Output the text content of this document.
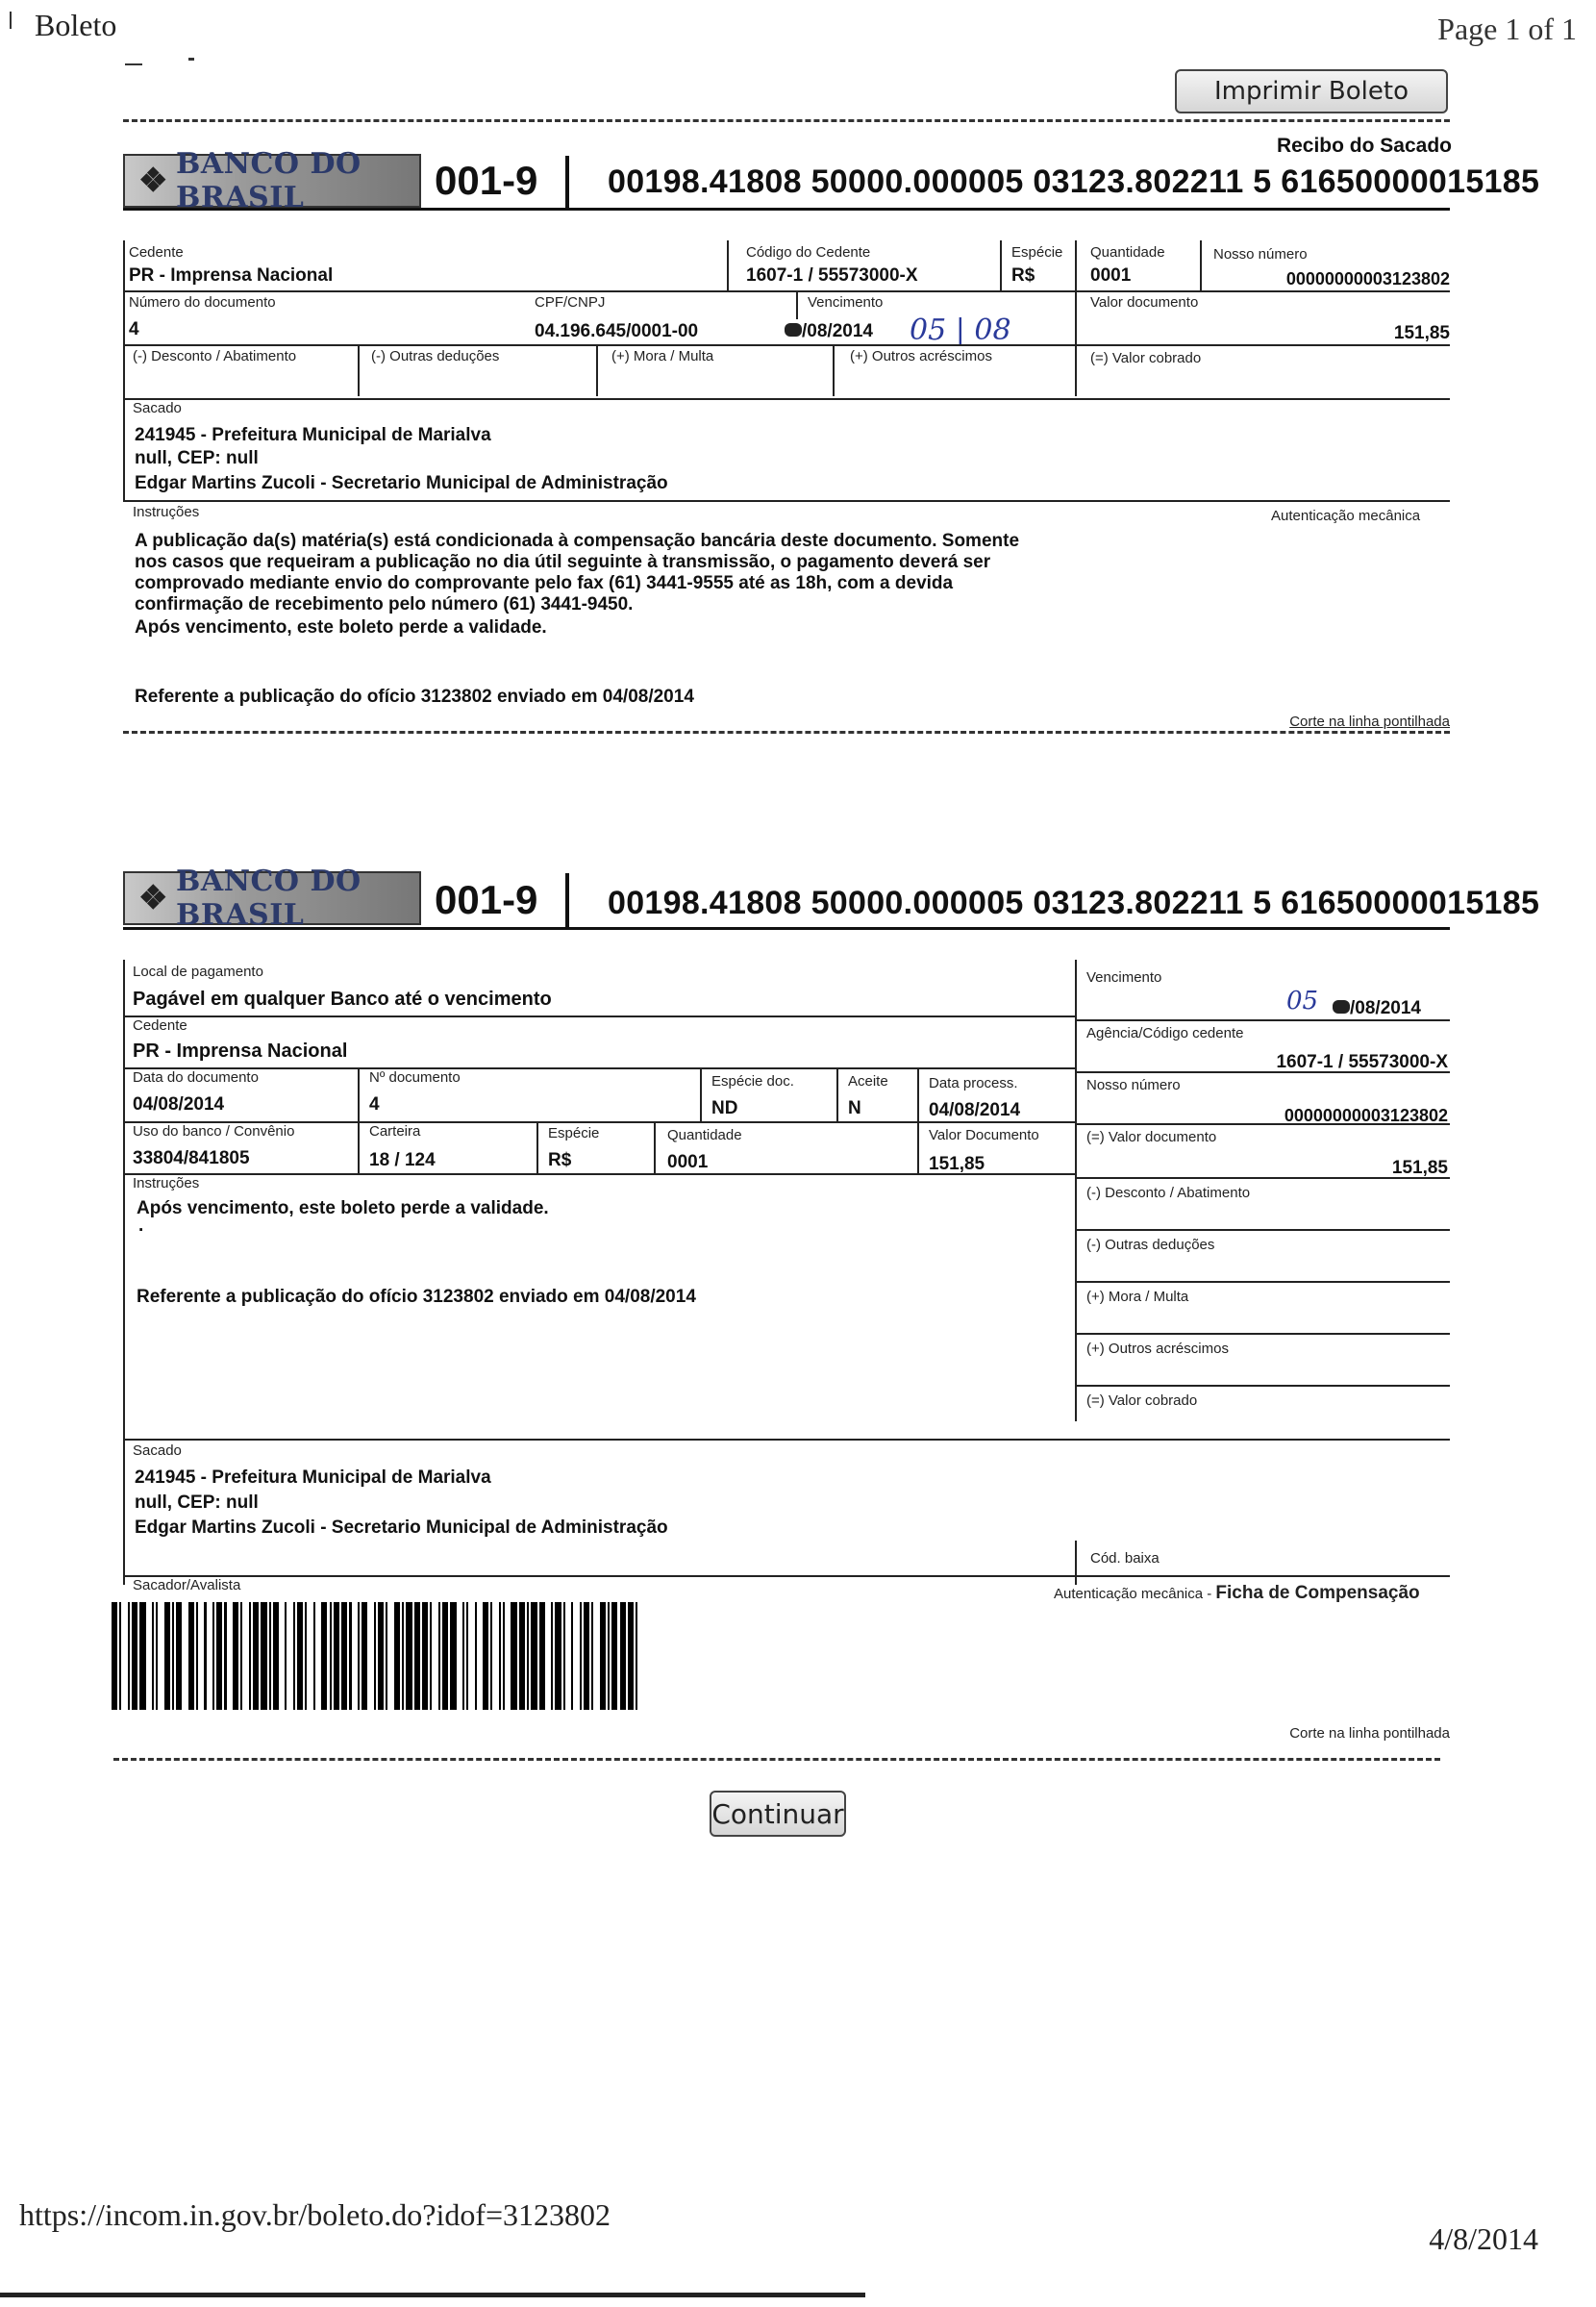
Boleto	Page 1 of 1
Imprimir Boleto
Recibo do Sacado
❖ BANCO DO BRASIL	001-9 00198.41808 50000.000005 03123.802211 5 61650000015185
Cedente
PR - Imprensa Nacional
Código do Cedente
1607-1 / 55573000-X
Espécie
R$
Quantidade
0001
Nosso número
00000000003123802
Número do documento
4
CPF/CNPJ
04.196.645/0001-00
Vencimento
/08/2014 05 | 08
Valor documento
151,85
(-) Desconto / Abatimento	(-) Outras deduções	(+) Mora / Multa	(+) Outros acréscimos	(=) Valor cobrado
Sacado
241945 - Prefeitura Municipal de Marialva
null, CEP: null
Edgar Martins Zucoli - Secretario Municipal de Administração
Instruções	Autenticação mecânica
A publicação da(s) matéria(s) está condicionada à compensação bancária deste documento. Somente
nos casos que requeiram a publicação no dia útil seguinte à transmissão, o pagamento deverá ser
comprovado mediante envio do comprovante pelo fax (61) 3441-9555 até as 18h, com a devida
confirmação de recebimento pelo número (61) 3441-9450.
Após vencimento, este boleto perde a validade.
Referente a publicação do ofício 3123802 enviado em 04/08/2014
Corte na linha pontilhada
❖ BANCO DO BRASIL	001-9 00198.41808 50000.000005 03123.802211 5 61650000015185
Local de pagamento
Pagável em qualquer Banco até o vencimento
Vencimento
05 /08/2014
Cedente
PR - Imprensa Nacional
Agência/Código cedente
1607-1 / 55573000-X
Data do documento
04/08/2014
Nº documento
4
Espécie doc.
ND
Aceite
N
Data process.
04/08/2014
Nosso número
00000000003123802
Uso do banco / Convênio
33804/841805
Carteira
18 / 124
Espécie
R$
Quantidade
0001
Valor Documento
151,85
(=) Valor documento
151,85
Instruções
Após vencimento, este boleto perde a validade.
.
Referente a publicação do ofício 3123802 enviado em 04/08/2014
(-) Desconto / Abatimento
(-) Outras deduções
(+) Mora / Multa
(+) Outros acréscimos
(=) Valor cobrado
Sacado
241945 - Prefeitura Municipal de Marialva
null, CEP: null
Edgar Martins Zucoli - Secretario Municipal de Administração
Cód. baixa
Sacador/Avalista
Autenticação mecânica - Ficha de Compensação
Corte na linha pontilhada
Continuar
https://incom.in.gov.br/boleto.do?idof=3123802
4/8/2014
